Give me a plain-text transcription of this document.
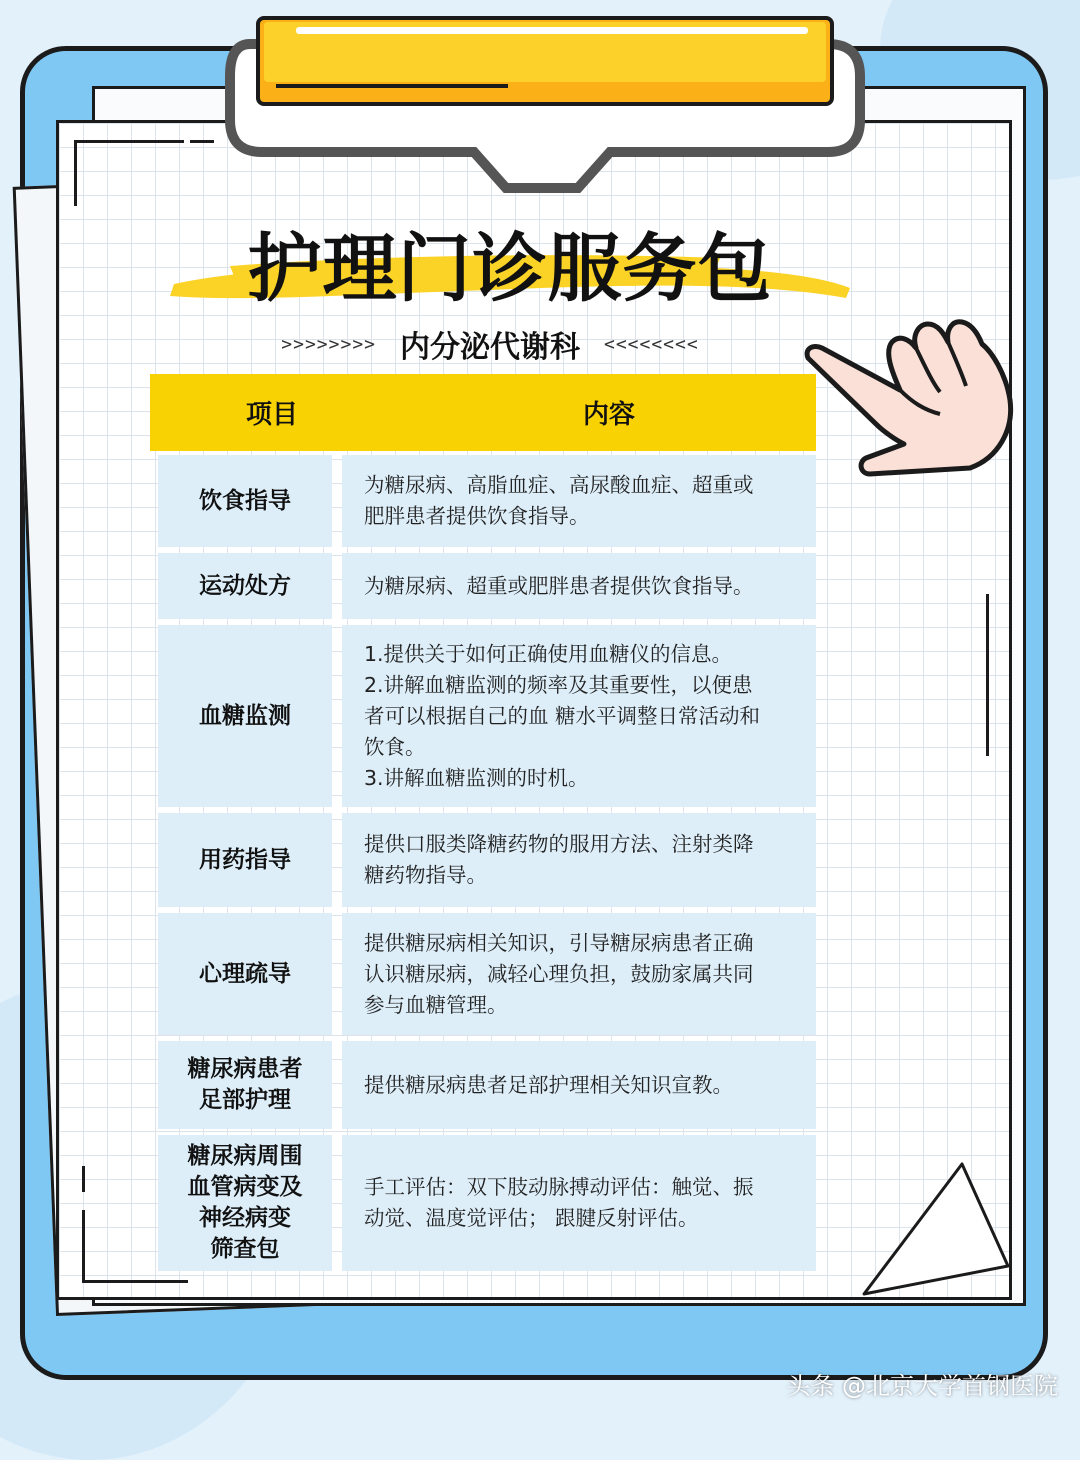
护理门诊服务包
>>>>>>>> 内分泌代谢科 <<<<<<<<
项目	内容
饮食指导
为糖尿病、高脂血症、高尿酸血症、超重或
肥胖患者提供饮食指导。
运动处方	为糖尿病、超重或肥胖患者提供饮食指导。
血糖监测
1.提供关于如何正确使用血糖仪的信息。
2.讲解血糖监测的频率及其重要性，以便患
者可以根据自己的血 糖水平调整日常活动和
饮食。
3.讲解血糖监测的时机。
用药指导
提供口服类降糖药物的服用方法、注射类降
糖药物指导。
心理疏导
提供糖尿病相关知识，引导糖尿病患者正确
认识糖尿病，减轻心理负担，鼓励家属共同
参与血糖管理。
糖尿病患者
足部护理
提供糖尿病患者足部护理相关知识宣教。
糖尿病周围
血管病变及
神经病变
筛查包
手工评估：双下肢动脉搏动评估：触觉、振
动觉、温度觉评估； 跟腱反射评估。
头条 @北京大学首钢医院
